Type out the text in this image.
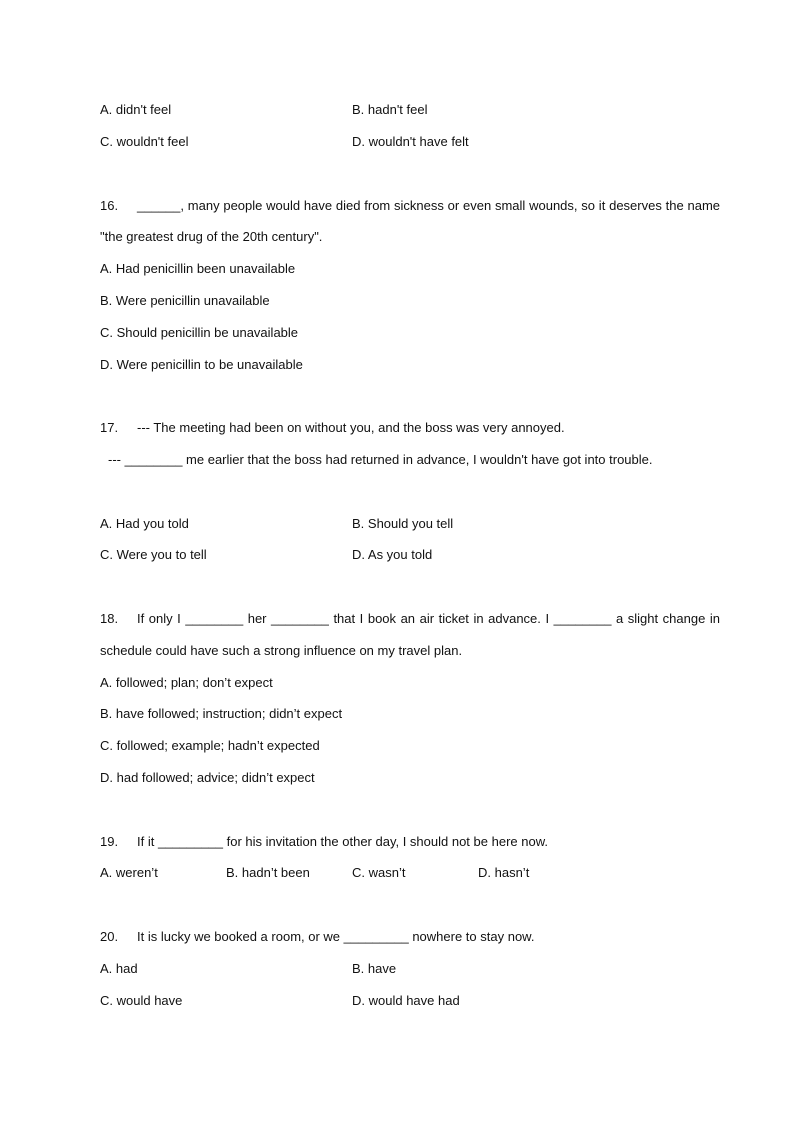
A. didn't feel	B. hadn't feel
C. wouldn't feel	D. wouldn't have felt
16. ______, many people would have died from sickness or even small wounds, so it deserves the name
"the greatest drug of the 20th century".
A. Had penicillin been unavailable
B. Were penicillin unavailable
C. Should penicillin be unavailable
D. Were penicillin to be unavailable
17. --- The meeting had been on without you, and the boss was very annoyed.
--- ________ me earlier that the boss had returned in advance, I wouldn't have got into trouble.
A. Had you told	B. Should you tell
C. Were you to tell	D. As you told
18. If only I ________ her ________ that I book an air ticket in advance. I ________ a slight change in
schedule could have such a strong influence on my travel plan.
A. followed; plan; don’t expect
B. have followed; instruction; didn’t expect
C. followed; example; hadn’t expected
D. had followed; advice; didn’t expect
19. If it _________ for his invitation the other day, I should not be here now.
A. weren’t	B. hadn’t been	C. wasn’t	D. hasn’t
20. It is lucky we booked a room, or we _________ nowhere to stay now.
A. had	B. have
C. would have	D. would have had
